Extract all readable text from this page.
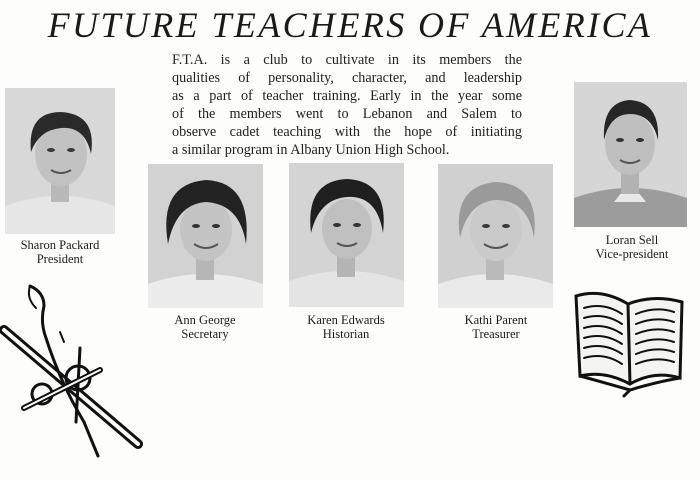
FUTURE TEACHERS OF AMERICA
F.T.A. is a club to cultivate in its members the
qualities of personality, character, and leadership
as a part of teacher training. Early in the year some
of the members went to Lebanon and Salem to
observe cadet teaching with the hope of initiating
a similar program in Albany Union High School.
Sharon Packard
President
Ann George
Secretary
Karen Edwards
Historian
Kathi Parent
Treasurer
Loran Sell
Vice-president
